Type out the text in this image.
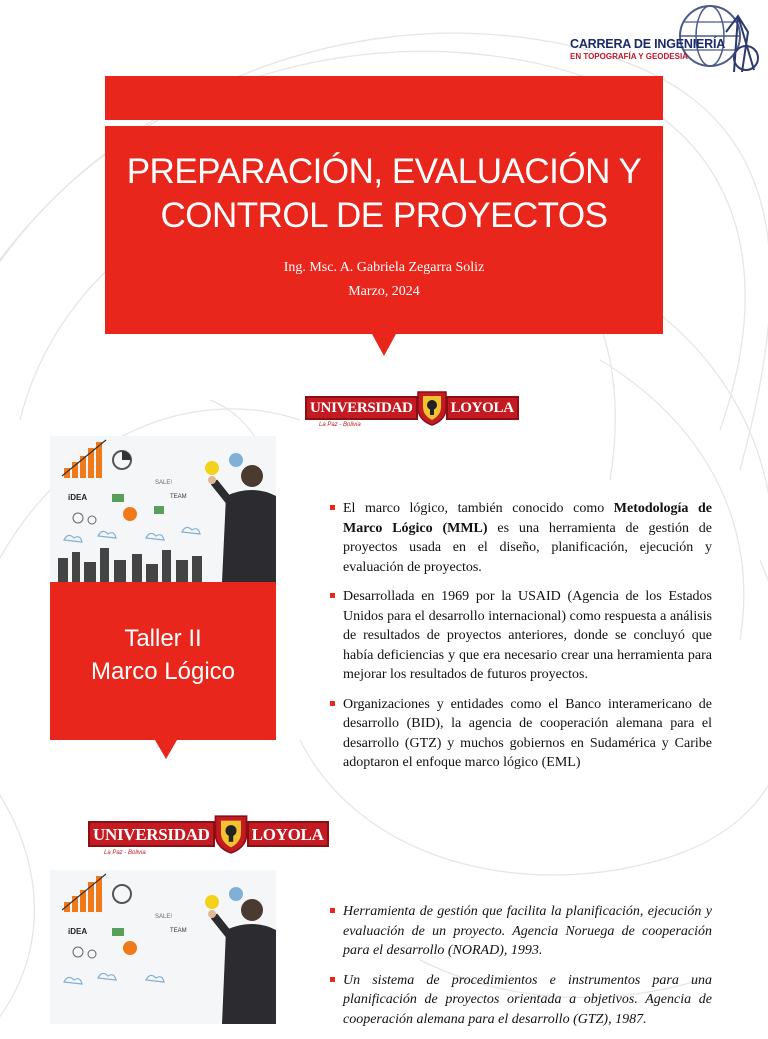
CARRERA DE INGENIERÍA
EN TOPOGRAFÍA Y GEODESIA
PREPARACIÓN, EVALUACIÓN Y
CONTROL DE PROYECTOS
Ing. Msc. A. Gabriela Zegarra Soliz
Marzo, 2024
UNIVERSIDAD	LOYOLA
La Paz - Bolivia
iDEA
SALE!
TEAM
Taller II
Marco Lógico
El marco lógico, también conocido como Metodología de Marco Lógico (MML) es una herramienta de gestión de proyectos usada en el diseño, planificación, ejecución y evaluación de proyectos.
Desarrollada en 1969 por la USAID (Agencia de los Estados Unidos para el desarrollo internacional) como respuesta a análisis de resultados de proyectos anteriores, donde se concluyó que había deficiencias y que era necesario crear una herramienta para mejorar los resultados de futuros proyectos.
Organizaciones y entidades como el Banco interamericano de desarrollo (BID), la agencia de cooperación alemana para el desarrollo (GTZ) y muchos gobiernos en Sudamérica y Caribe adoptaron el enfoque marco lógico (EML)
UNIVERSIDAD LOYOLA
La Paz - Bolivia
iDEA
SALE!
TEAM
Herramienta de gestión que facilita la planificación, ejecución y evaluación de un proyecto. Agencia Noruega de cooperación para el desarrollo (NORAD), 1993.
Un sistema de procedimientos e instrumentos para una planificación de proyectos orientada a objetivos. Agencia de cooperación alemana para el desarrollo (GTZ), 1987.
